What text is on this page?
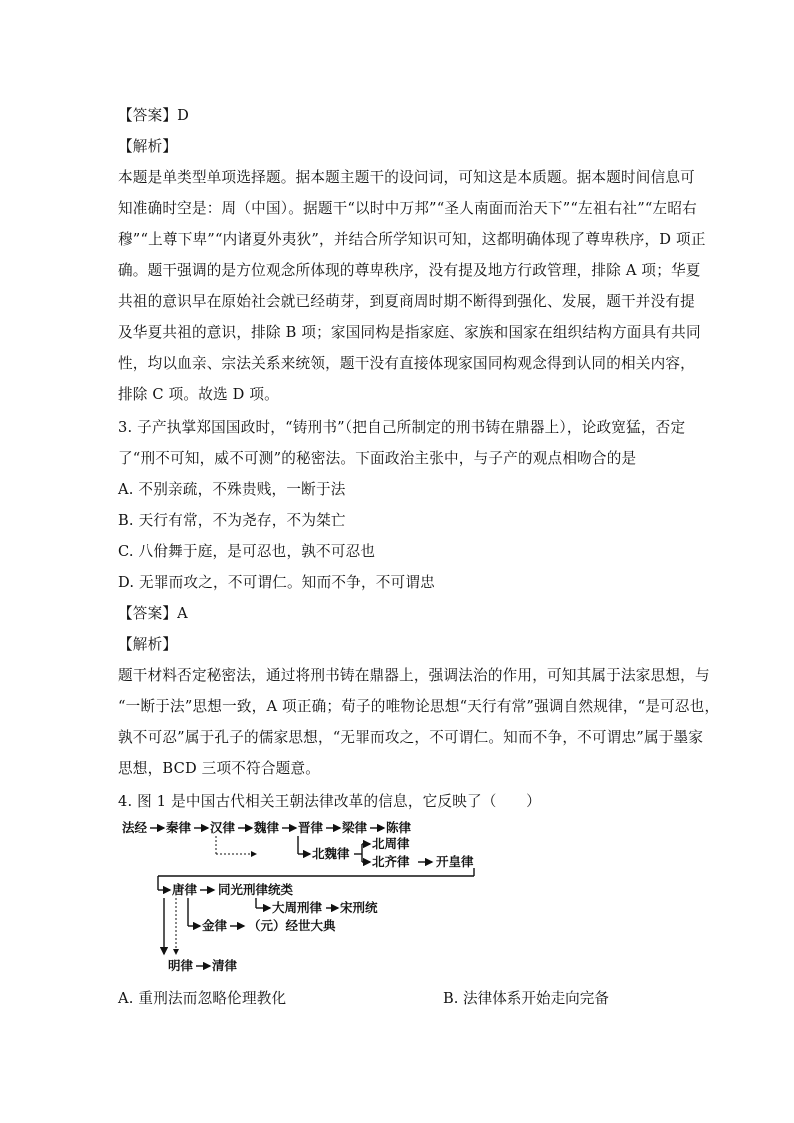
【答案】D
【解析】
本题是单类型单项选择题。据本题主题干的设问词，可知这是本质题。据本题时间信息可
知准确时空是：周（中国）。据题干“以时中万邦”“圣人南面而治天下”“左祖右社”“左昭右
穆”“上尊下卑”“内诸夏外夷狄”，并结合所学知识可知，这都明确体现了尊卑秩序，D 项正
确。题干强调的是方位观念所体现的尊卑秩序，没有提及地方行政管理，排除 A 项；华夏
共祖的意识早在原始社会就已经萌芽，到夏商周时期不断得到强化、发展，题干并没有提
及华夏共祖的意识，排除 B 项；家国同构是指家庭、家族和国家在组织结构方面具有共同
性，均以血亲、宗法关系来统领，题干没有直接体现家国同构观念得到认同的相关内容，
排除 C 项。故选 D 项。
3. 子产执掌郑国国政时，“铸刑书”（把自己所制定的刑书铸在鼎器上），论政宽猛，否定
了“刑不可知，威不可测”的秘密法。下面政治主张中，与子产的观点相吻合的是
A. 不别亲疏，不殊贵贱，一断于法
B. 天行有常，不为尧存，不为桀亡
C. 八佾舞于庭，是可忍也，孰不可忍也
D. 无罪而攻之，不可谓仁。知而不争，不可谓忠
【答案】A
【解析】
题干材料否定秘密法，通过将刑书铸在鼎器上，强调法治的作用，可知其属于法家思想，与
“一断于法”思想一致，A 项正确；荀子的唯物论思想“天行有常”强调自然规律，“是可忍也，
孰不可忍”属于孔子的儒家思想，“无罪而攻之，不可谓仁。知而不争，不可谓忠”属于墨家
思想，BCD 三项不符合题意。
4. 图 1 是中国古代相关王朝法律改革的信息，它反映了（　　）
A. 重刑法而忽略伦理教化
法经 秦律 汉律 魏律 晋律 梁律 陈律
北魏律
北周律
北齐律 开皇律
唐律 同光刑律统类
大周刑律 宋刑统
金律 （元）经世大典
明律 清律
B. 法律体系开始走向完备
